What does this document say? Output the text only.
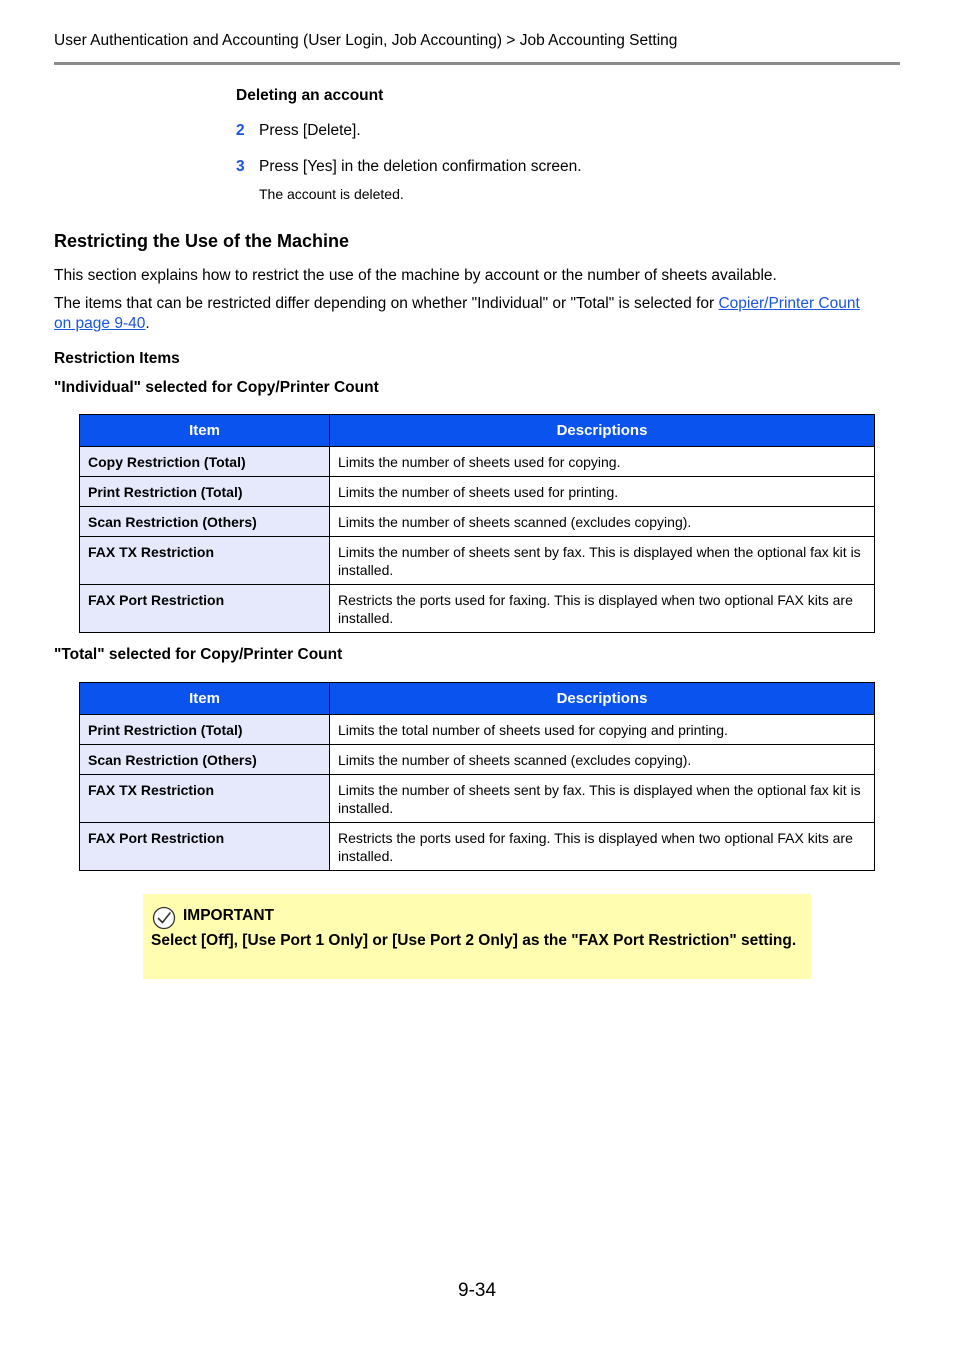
User Authentication and Accounting (User Login, Job Accounting) > Job Accounting Setting
Deleting an account
2 Press [Delete].
3 Press [Yes] in the deletion confirmation screen.
The account is deleted.
Restricting the Use of the Machine
This section explains how to restrict the use of the machine by account or the number of sheets available.
The items that can be restricted differ depending on whether "Individual" or "Total" is selected for Copier/Printer Count
on page 9-40.
Restriction Items
"Individual" selected for Copy/Printer Count
Item	Descriptions
Copy Restriction (Total)	Limits the number of sheets used for copying.
Print Restriction (Total)	Limits the number of sheets used for printing.
Scan Restriction (Others)	Limits the number of sheets scanned (excludes copying).
FAX TX Restriction	Limits the number of sheets sent by fax. This is displayed when the optional fax kit is installed.
FAX Port Restriction	Restricts the ports used for faxing. This is displayed when two optional FAX kits are installed.
"Total" selected for Copy/Printer Count
Item	Descriptions
Print Restriction (Total)	Limits the total number of sheets used for copying and printing.
Scan Restriction (Others)	Limits the number of sheets scanned (excludes copying).
FAX TX Restriction	Limits the number of sheets sent by fax. This is displayed when the optional fax kit is installed.
FAX Port Restriction	Restricts the ports used for faxing. This is displayed when two optional FAX kits are installed.
IMPORTANT
Select [Off], [Use Port 1 Only] or [Use Port 2 Only] as the "FAX Port Restriction" setting.
9-34
